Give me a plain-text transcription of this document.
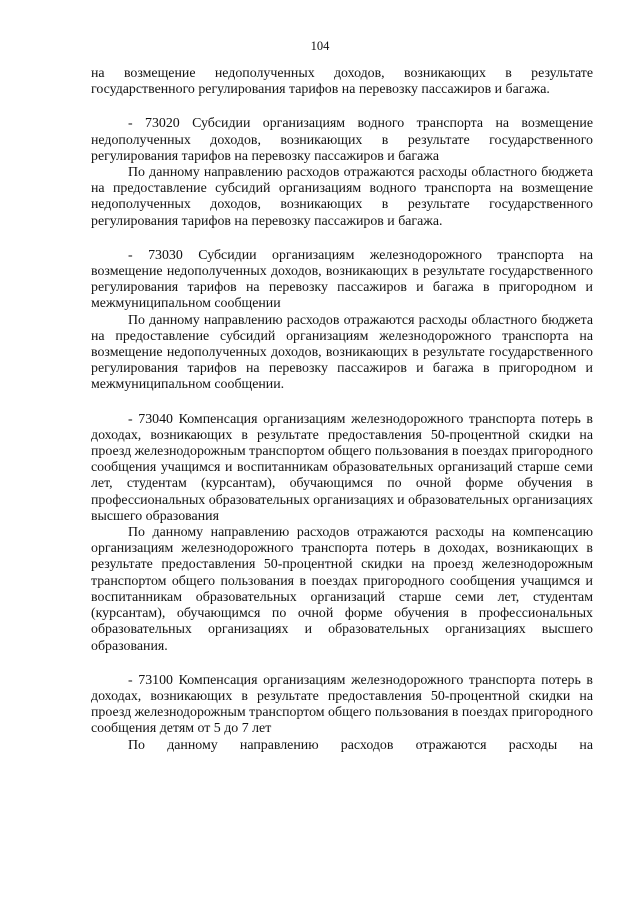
104

на возмещение недополученных доходов, возникающих в результате государственного регулирования тарифов на перевозку пассажиров и багажа.

- 73020 Субсидии организациям водного транспорта на возмещение недополученных доходов, возникающих в результате государственного регулирования тарифов на перевозку пассажиров и багажа

По данному направлению расходов отражаются расходы областного бюджета на предоставление субсидий организациям водного транспорта на возмещение недополученных доходов, возникающих в результате государственного регулирования тарифов на перевозку пассажиров и багажа.

- 73030 Субсидии организациям железнодорожного транспорта на возмещение недополученных доходов, возникающих в результате государственного регулирования тарифов на перевозку пассажиров и багажа в пригородном и межмуниципальном сообщении

По данному направлению расходов отражаются расходы областного бюджета на предоставление субсидий организациям железнодорожного транспорта на возмещение недополученных доходов, возникающих в результате государственного регулирования тарифов на перевозку пассажиров и багажа в пригородном и межмуниципальном сообщении.

- 73040 Компенсация организациям железнодорожного транспорта потерь в доходах, возникающих в результате предоставления 50-процентной скидки на проезд железнодорожным транспортом общего пользования в поездах пригородного сообщения учащимся и воспитанникам образовательных организаций старше семи лет, студентам (курсантам), обучающимся по очной форме обучения в профессиональных образовательных организациях и образовательных организациях высшего образования

По данному направлению расходов отражаются расходы на компенсацию организациям железнодорожного транспорта потерь в доходах, возникающих в результате предоставления 50-процентной скидки на проезд железнодорожным транспортом общего пользования в поездах пригородного сообщения учащимся и воспитанникам образовательных организаций старше семи лет, студентам (курсантам), обучающимся по очной форме обучения в профессиональных образовательных организациях и образовательных организациях высшего образования.

- 73100 Компенсация организациям железнодорожного транспорта потерь в доходах, возникающих в результате предоставления 50-процентной скидки на проезд железнодорожным транспортом общего пользования в поездах пригородного сообщения детям от 5 до 7 лет

По данному направлению расходов отражаются расходы на
